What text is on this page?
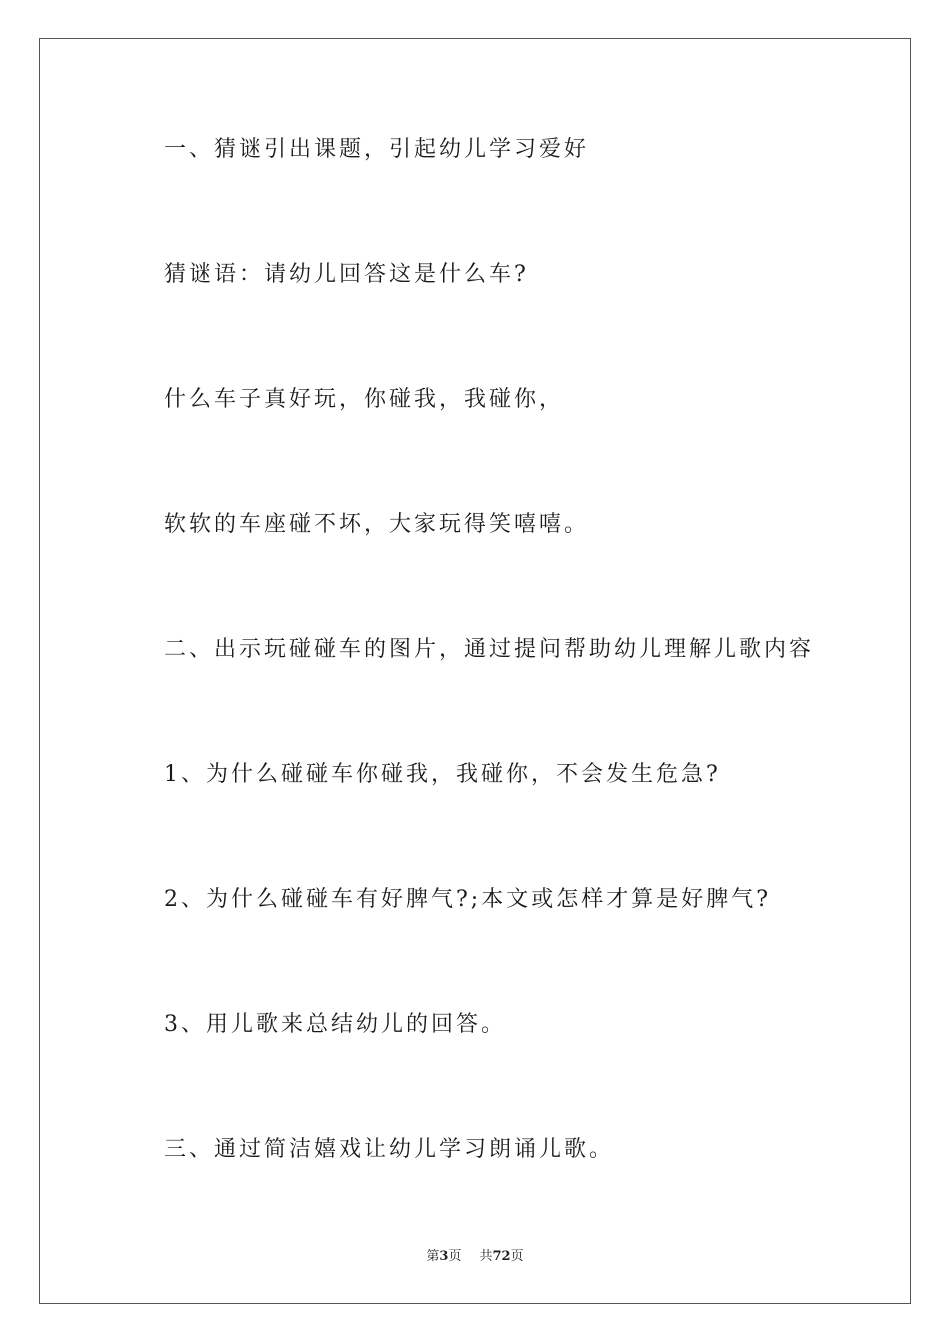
一、猜谜引出课题，引起幼儿学习爱好
猜谜语：请幼儿回答这是什么车?
什么车子真好玩，你碰我，我碰你，
软软的车座碰不坏，大家玩得笑嘻嘻。
二、出示玩碰碰车的图片，通过提问帮助幼儿理解儿歌内容
1、为什么碰碰车你碰我，我碰你，不会发生危急?
2、为什么碰碰车有好脾气?;本文或怎样才算是好脾气?
3、用儿歌来总结幼儿的回答。
三、通过简洁嬉戏让幼儿学习朗诵儿歌。
第3页 共72页
